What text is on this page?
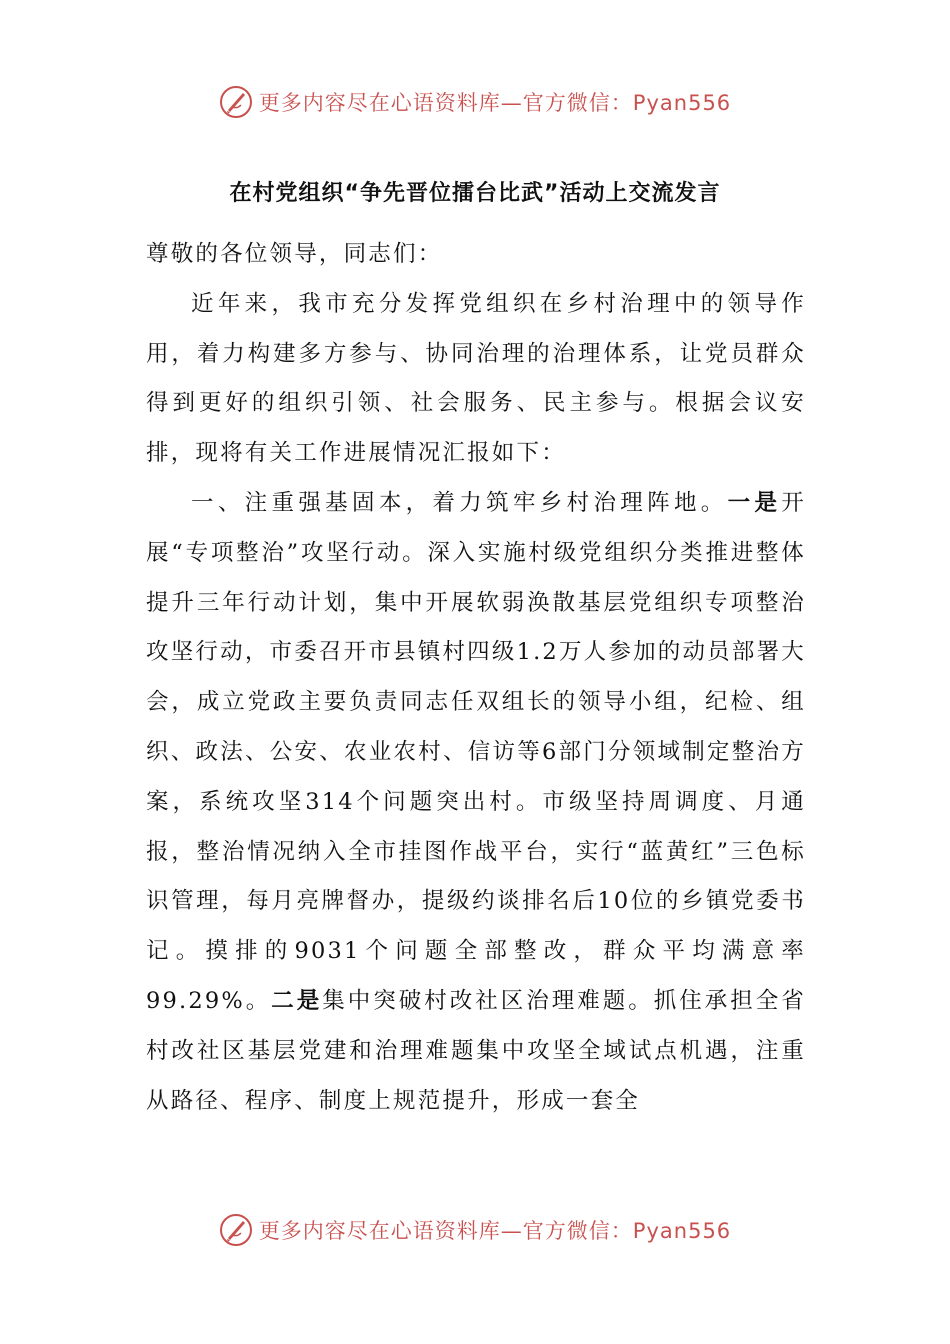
更多内容尽在心语资料库—官方微信：Pyan556
在村党组织“争先晋位擂台比武”活动上交流发言

尊敬的各位领导，同志们：

近年来，我市充分发挥党组织在乡村治理中的领导作用，着力构建多方参与、协同治理的治理体系，让党员群众得到更好的组织引领、社会服务、民主参与。根据会议安排，现将有关工作进展情况汇报如下：

一、注重强基固本，着力筑牢乡村治理阵地。一是开展“专项整治”攻坚行动。深入实施村级党组织分类推进整体提升三年行动计划，集中开展软弱涣散基层党组织专项整治攻坚行动，市委召开市县镇村四级1.2万人参加的动员部署大会，成立党政主要负责同志任双组长的领导小组，纪检、组织、政法、公安、农业农村、信访等6部门分领域制定整治方案，系统攻坚314个问题突出村。市级坚持周调度、月通报，整治情况纳入全市挂图作战平台，实行“蓝黄红”三色标识管理，每月亮牌督办，提级约谈排名后10位的乡镇党委书记。摸排的9031个问题全部整改，群众平均满意率99.29%。二是集中突破村改社区治理难题。抓住承担全省村改社区基层党建和治理难题集中攻坚全域试点机遇，注重从路径、程序、制度上规范提升，形成一套全

更多内容尽在心语资料库—官方微信：Pyan556
